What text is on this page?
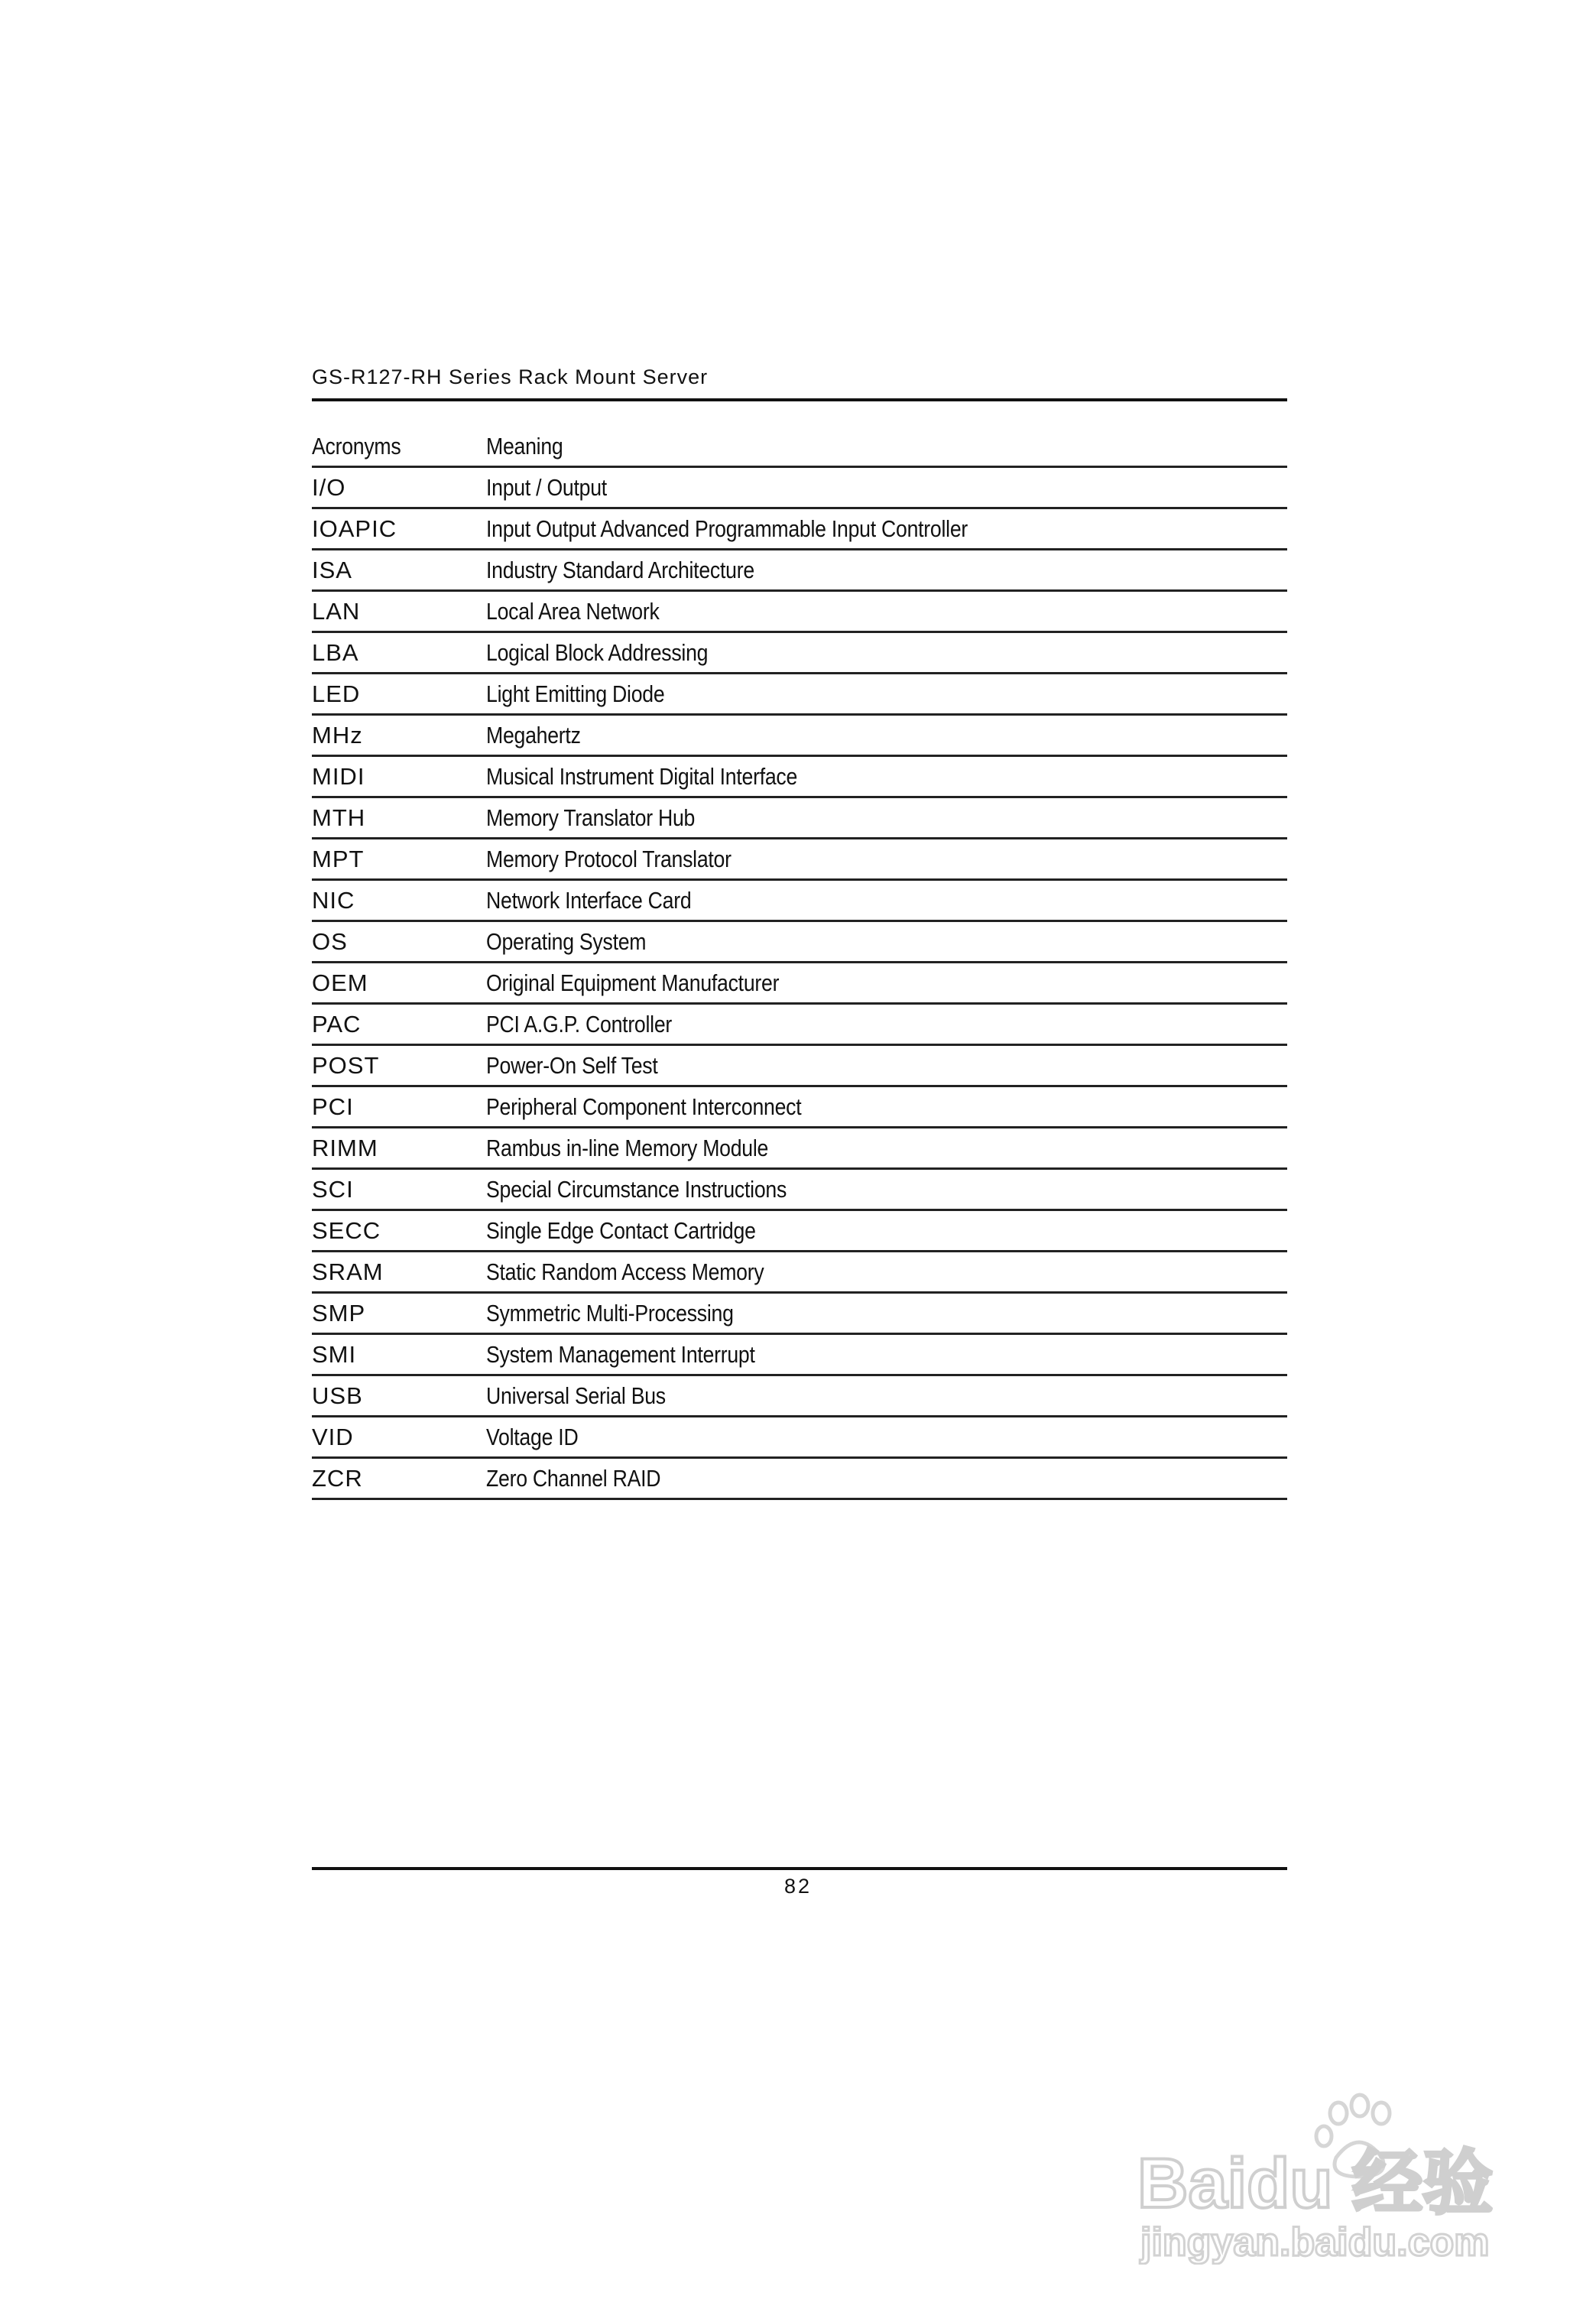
GS-R127-RH Series Rack Mount Server
Acronyms	Meaning
I/O	Input / Output
IOAPIC	Input Output Advanced Programmable Input Controller
ISA	Industry Standard Architecture
LAN	Local Area Network
LBA	Logical Block Addressing
LED	Light Emitting Diode
MHz	Megahertz
MIDI	Musical Instrument Digital Interface
MTH	Memory Translator Hub
MPT	Memory Protocol Translator
NIC	Network Interface Card
OS	Operating System
OEM	Original Equipment Manufacturer
PAC	PCI A.G.P. Controller
POST	Power-On Self Test
PCI	Peripheral Component Interconnect
RIMM	Rambus in-line Memory Module
SCI	Special Circumstance Instructions
SECC	Single Edge Contact Cartridge
SRAM	Static Random Access Memory
SMP	Symmetric Multi-Processing
SMI	System Management Interrupt
USB	Universal Serial Bus
VID	Voltage ID
ZCR	Zero Channel RAID
82
Baidu 经验
jingyan.baidu.com
